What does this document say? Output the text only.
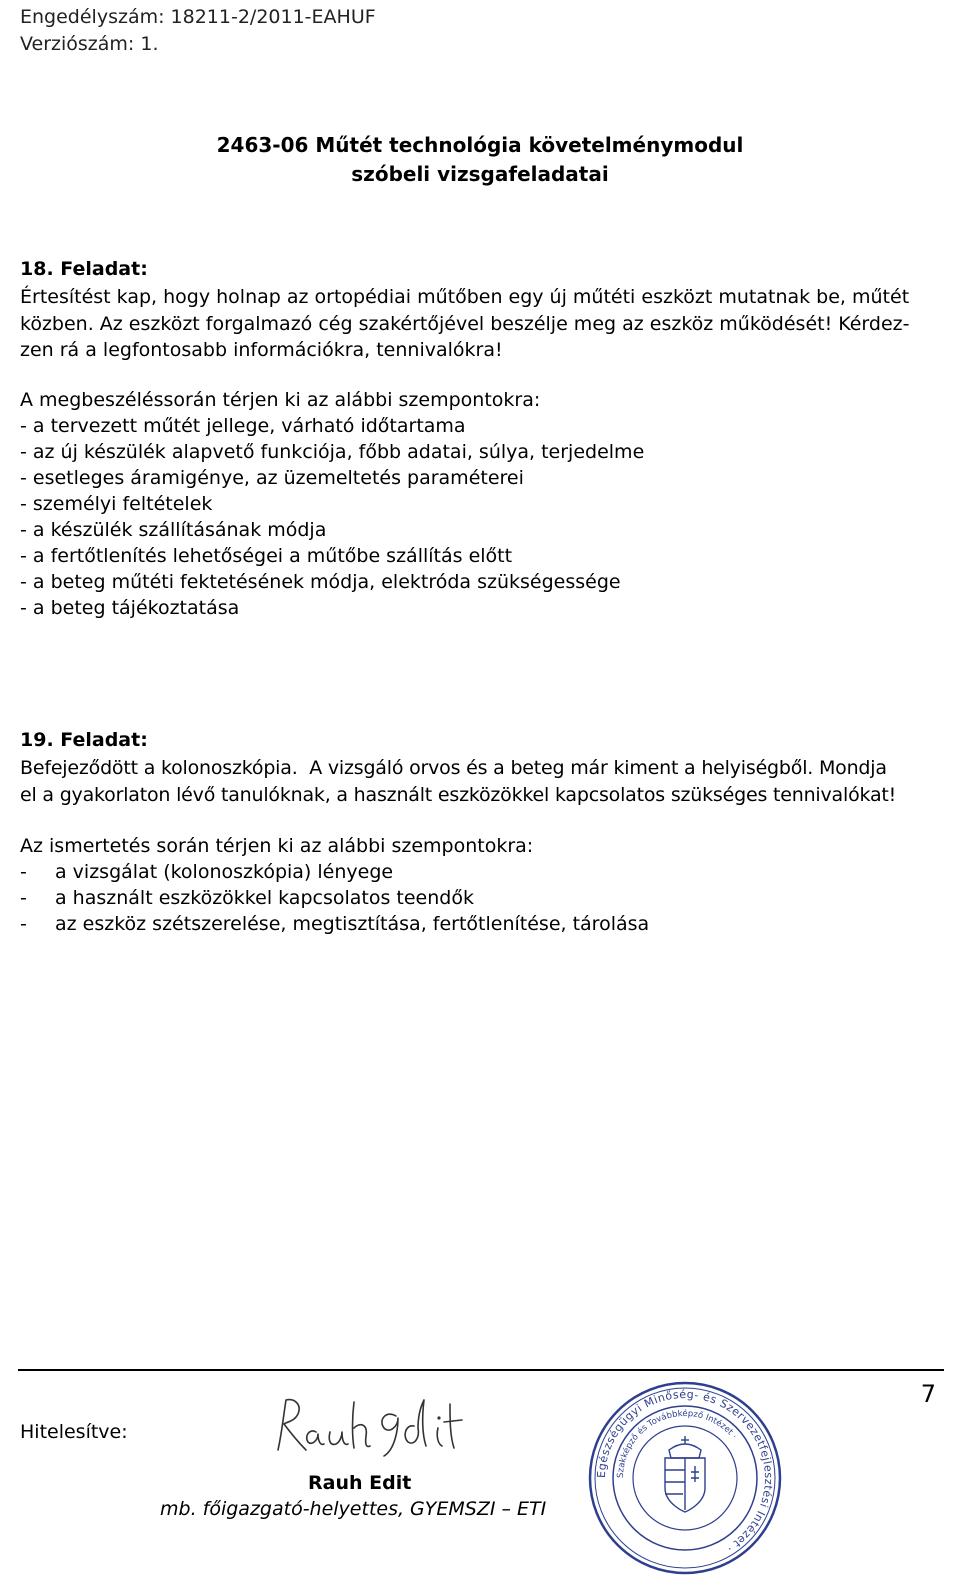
Engedélyszám: 18211-2/2011-EAHUF
Verziószám: 1.
2463-06 Műtét technológia követelménymodul
szóbeli vizsgafeladatai
18. Feladat:
Értesítést kap, hogy holnap az ortopédiai műtőben egy új műtéti eszközt mutatnak be, műtét
közben. Az eszközt forgalmazó cég szakértőjével beszélje meg az eszköz működését! Kérdez-
zen rá a legfontosabb információkra, tennivalókra!
A megbeszéléssorán térjen ki az alábbi szempontokra:
- a tervezett műtét jellege, várható időtartama
- az új készülék alapvető funkciója, főbb adatai, súlya, terjedelme
- esetleges áramigénye, az üzemeltetés paraméterei
- személyi feltételek
- a készülék szállításának módja
- a fertőtlenítés lehetőségei a műtőbe szállítás előtt
- a beteg műtéti fektetésének módja, elektróda szükségessége
- a beteg tájékoztatása
19. Feladat:
Befejeződött a kolonoszkópia.  A vizsgáló orvos és a beteg már kiment a helyiségből. Mondja
el a gyakorlaton lévő tanulóknak, a használt eszközökkel kapcsolatos szükséges tennivalókat!
Az ismertetés során térjen ki az alábbi szempontokra:
-	a vizsgálat (kolonoszkópia) lényege
-	a használt eszközökkel kapcsolatos teendők
-	az eszköz szétszerelése, megtisztítása, fertőtlenítése, tárolása
7
Hitelesítve:
Rauh Edit
mb. főigazgató-helyettes, GYEMSZI – ETI
Egészségügyi Minőség- és Szervezetfejlesztési Intézet ·
Szakképző és Továbbképző Intézet ·
